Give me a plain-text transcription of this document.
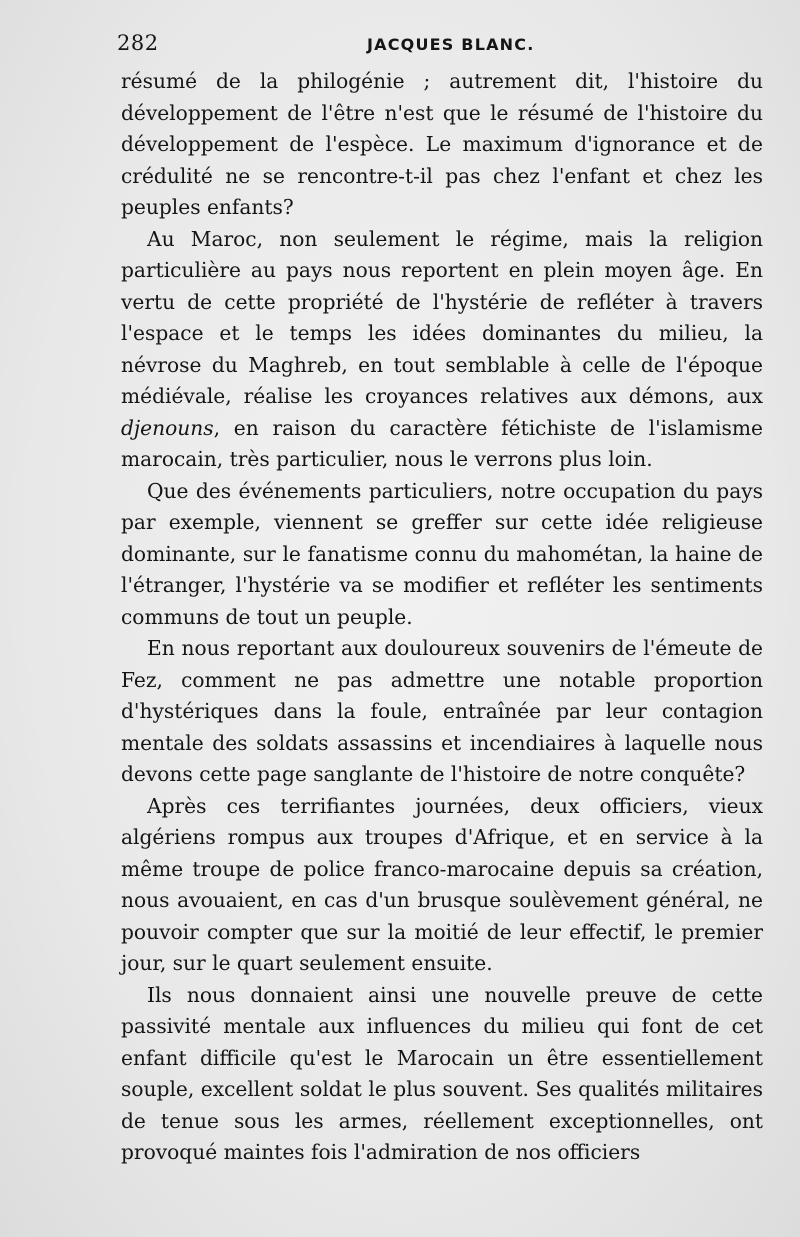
282	JACQUES BLANC.

résumé de la philogénie ; autrement dit, l'histoire du développement de l'être n'est que le résumé de l'histoire du développement de l'espèce. Le maximum d'ignorance et de crédulité ne se rencontre-t-il pas chez l'enfant et chez les peuples enfants?

Au Maroc, non seulement le régime, mais la religion particulière au pays nous reportent en plein moyen âge. En vertu de cette propriété de l'hystérie de refléter à travers l'espace et le temps les idées dominantes du milieu, la névrose du Maghreb, en tout semblable à celle de l'époque médiévale, réalise les croyances relatives aux démons, aux djenouns, en raison du caractère fétichiste de l'islamisme marocain, très particulier, nous le verrons plus loin.

Que des événements particuliers, notre occupation du pays par exemple, viennent se greffer sur cette idée religieuse dominante, sur le fanatisme connu du mahométan, la haine de l'étranger, l'hystérie va se modifier et refléter les sentiments communs de tout un peuple.

En nous reportant aux douloureux souvenirs de l'émeute de Fez, comment ne pas admettre une notable proportion d'hystériques dans la foule, entraînée par leur contagion mentale des soldats assassins et incendiaires à laquelle nous devons cette page sanglante de l'histoire de notre conquête?

Après ces terrifiantes journées, deux officiers, vieux algériens rompus aux troupes d'Afrique, et en service à la même troupe de police franco-marocaine depuis sa création, nous avouaient, en cas d'un brusque soulèvement général, ne pouvoir compter que sur la moitié de leur effectif, le premier jour, sur le quart seulement ensuite.

Ils nous donnaient ainsi une nouvelle preuve de cette passivité mentale aux influences du milieu qui font de cet enfant difficile qu'est le Marocain un être essentiellement souple, excellent soldat le plus souvent. Ses qualités militaires de tenue sous les armes, réellement exceptionnelles, ont provoqué maintes fois l'admiration de nos officiers
